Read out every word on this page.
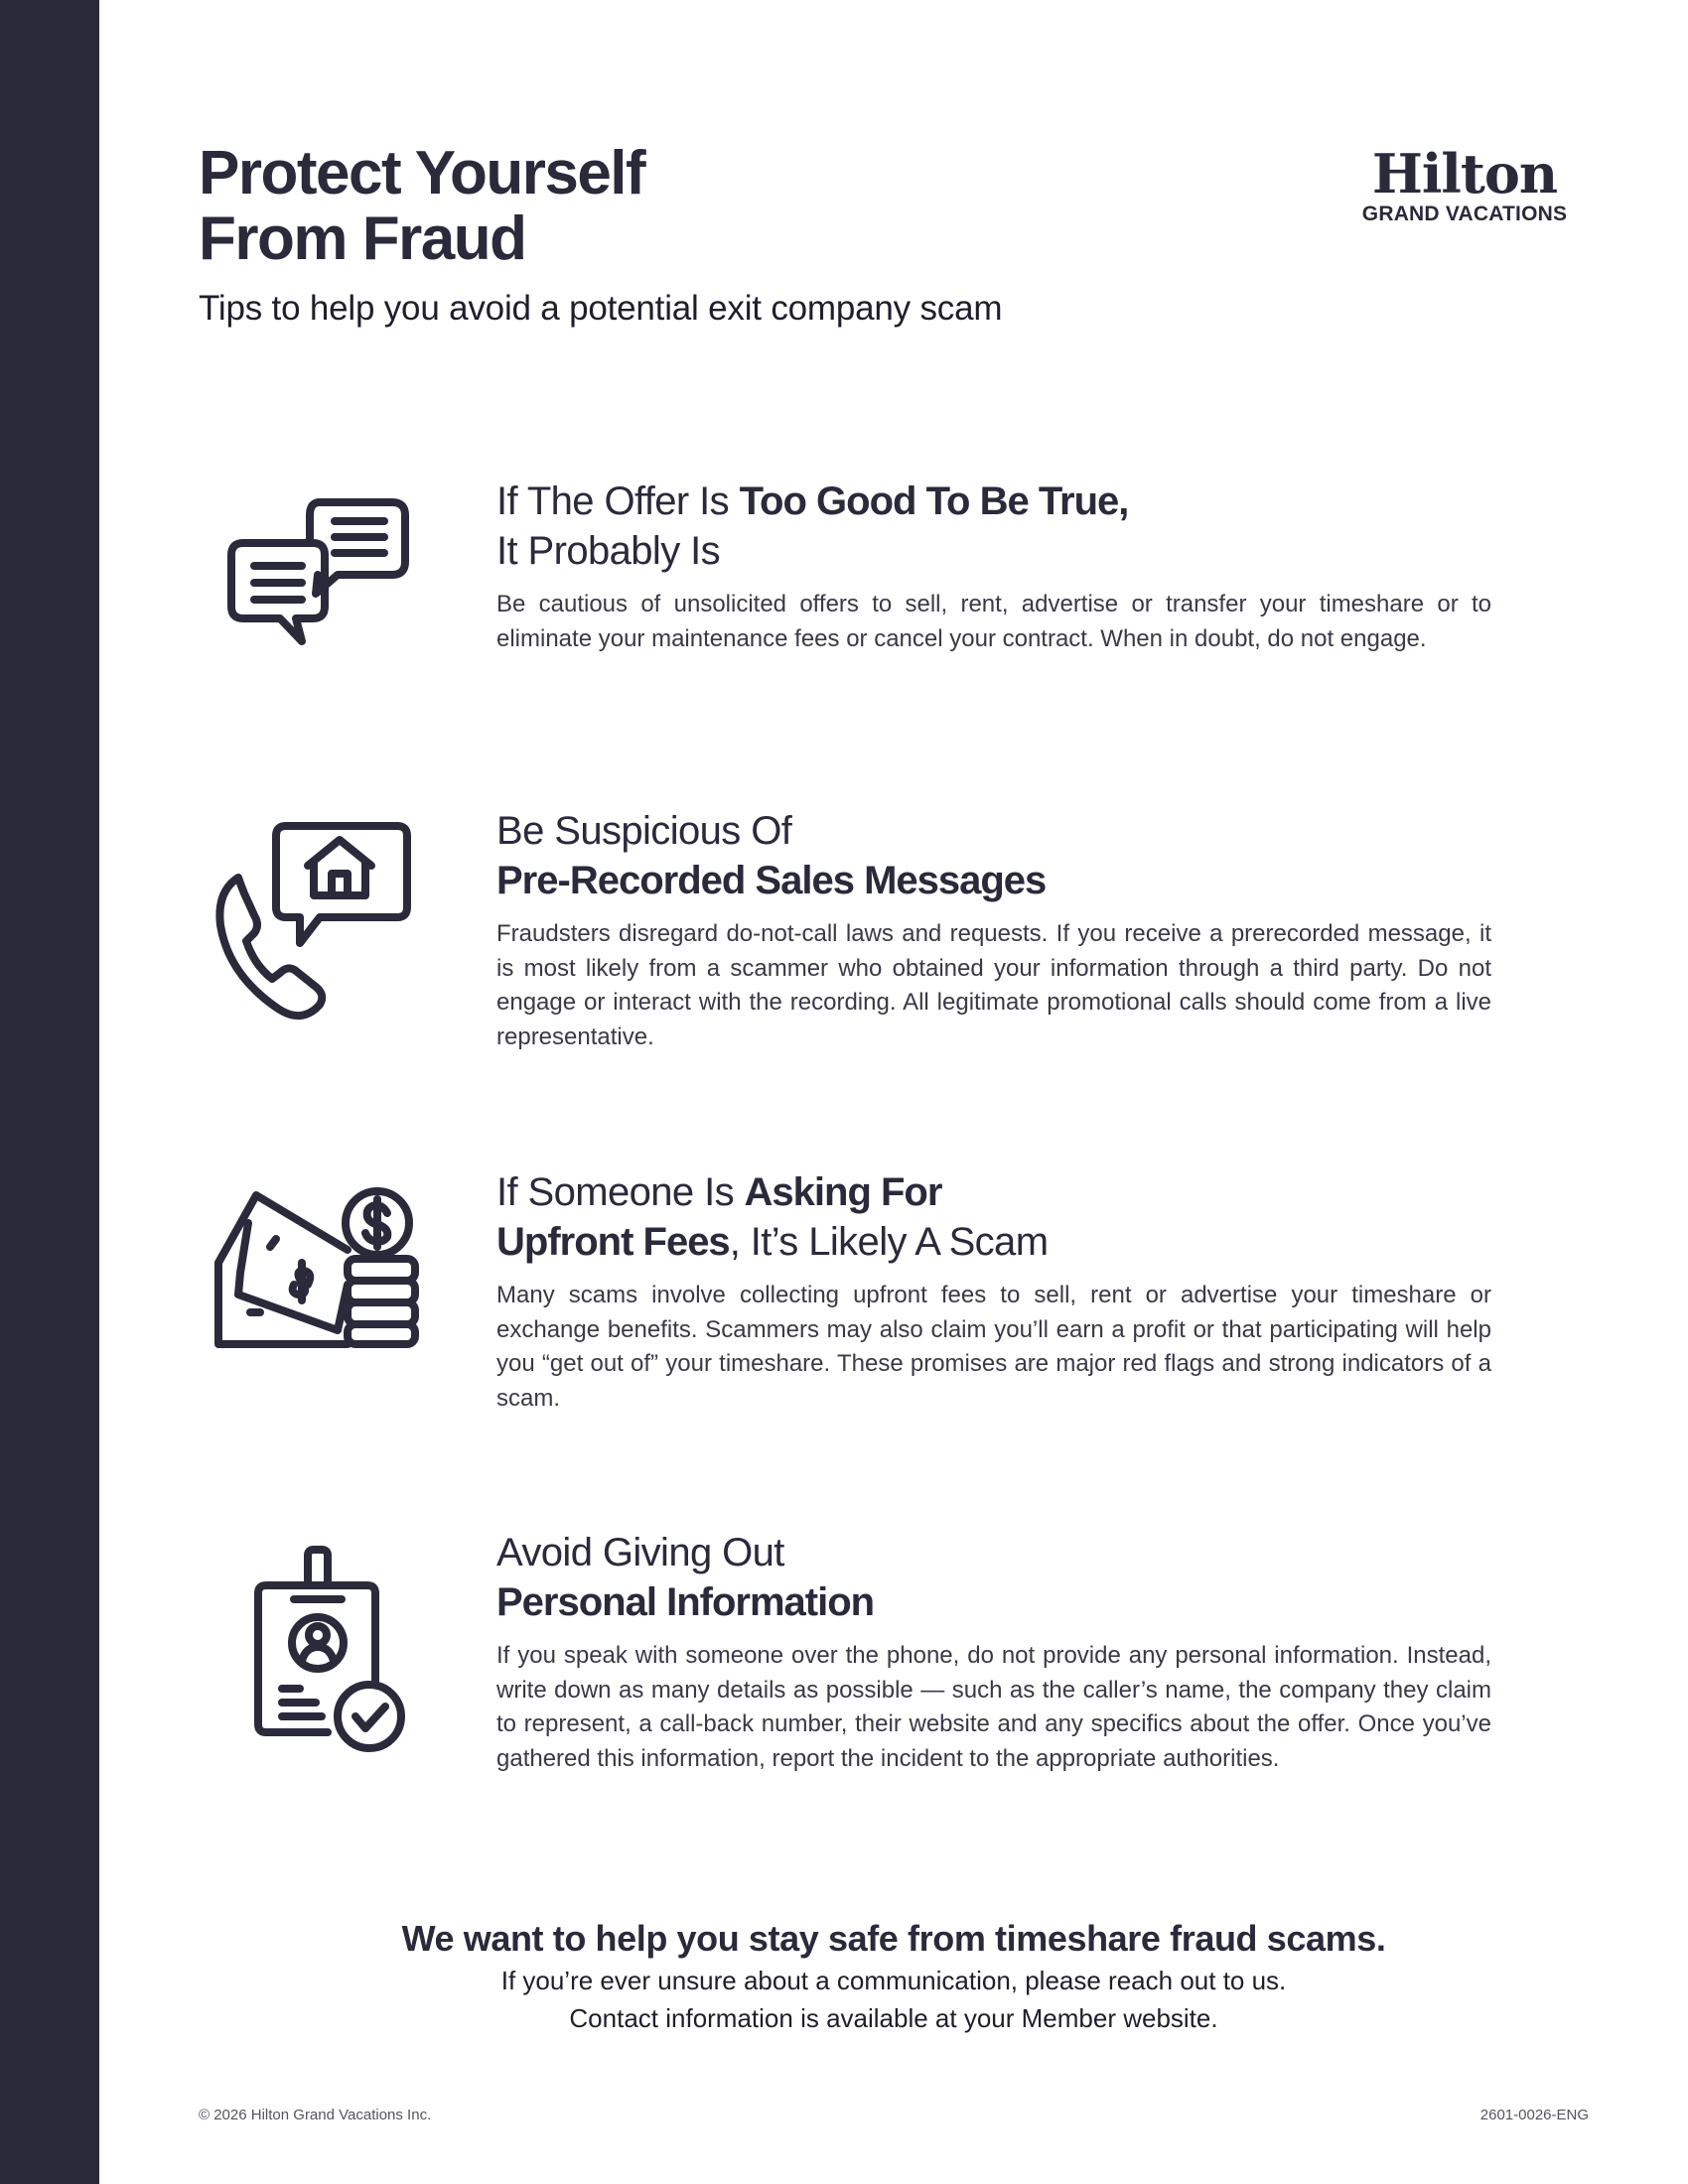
Protect Yourself
From Fraud

Tips to help you avoid a potential exit company scam

Hilton
GRAND VACATIONS
If The Offer Is Too Good To Be True,
It Probably Is

Be cautious of unsolicited offers to sell, rent, advertise or transfer your timeshare or to eliminate your maintenance fees or cancel your contract. When in doubt, do not engage.

Be Suspicious Of
Pre-Recorded Sales Messages

Fraudsters disregard do-not-call laws and requests. If you receive a prerecorded message, it is most likely from a scammer who obtained your information through a third party. Do not engage or interact with the recording. All legitimate promotional calls should come from a live representative.

If Someone Is Asking For
Upfront Fees, It’s Likely A Scam

Many scams involve collecting upfront fees to sell, rent or advertise your timeshare or exchange benefits. Scammers may also claim you’ll earn a profit or that participating will help you “get out of” your timeshare. These promises are major red flags and strong indicators of a scam.

Avoid Giving Out
Personal Information

If you speak with someone over the phone, do not provide any personal information. Instead, write down as many details as possible — such as the caller’s name, the company they claim to represent, a call-back number, their website and any specifics about the offer. Once you’ve gathered this information, report the incident to the appropriate authorities.

We want to help you stay safe from timeshare fraud scams.

If you’re ever unsure about a communication, please reach out to us.

Contact information is available at your Member website.

© 2026 Hilton Grand Vacations Inc.	2601-0026-ENG
